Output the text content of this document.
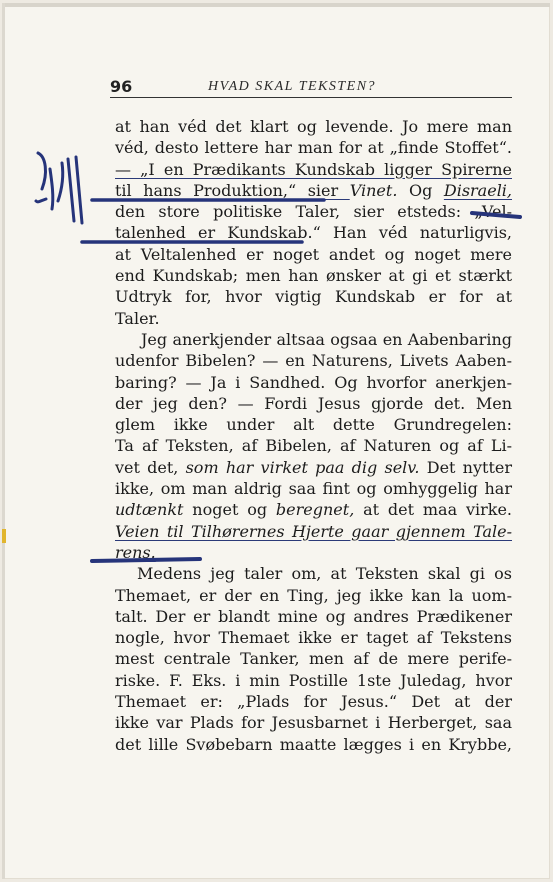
96	HVAD SKAL TEKSTEN?
at han véd det klart og levende. Jo mere man
véd, desto lettere har man for at „finde Stoffet“.
— „I en Prædikants Kundskab ligger Spirerne
til hans Produktion,“ sier Vinet. Og Disraeli,
den store politiske Taler, sier etsteds: „Vel-
talenhed er Kundskab.“ Han véd naturligvis,
at Veltalenhed er noget andet og noget mere
end Kundskab; men han ønsker at gi et stærkt
Udtryk for, hvor vigtig Kundskab er for at
Taler.
Jeg anerkjender altsaa ogsaa en Aabenbaring
udenfor Bibelen? — en Naturens, Livets Aaben-
baring? — Ja i Sandhed. Og hvorfor anerkjen-
der jeg den? — Fordi Jesus gjorde det. Men
glem ikke under alt dette Grundregelen:
Ta af Teksten, af Bibelen, af Naturen og af Li-
vet det, som har virket paa dig selv. Det nytter
ikke, om man aldrig saa fint og omhyggelig har
udtænkt noget og beregnet, at det maa virke.
Veien til Tilhørernes Hjerte gaar gjennem Tale-
rens.
Medens jeg taler om, at Teksten skal gi os
Themaet, er der en Ting, jeg ikke kan la uom-
talt. Der er blandt mine og andres Prædikener
nogle, hvor Themaet ikke er taget af Tekstens
mest centrale Tanker, men af de mere perife-
riske. F. Eks. i min Postille 1ste Juledag, hvor
Themaet er: „Plads for Jesus.“ Det at der
ikke var Plads for Jesusbarnet i Herberget, saa
det lille Svøbebarn maatte lægges i en Krybbe,
